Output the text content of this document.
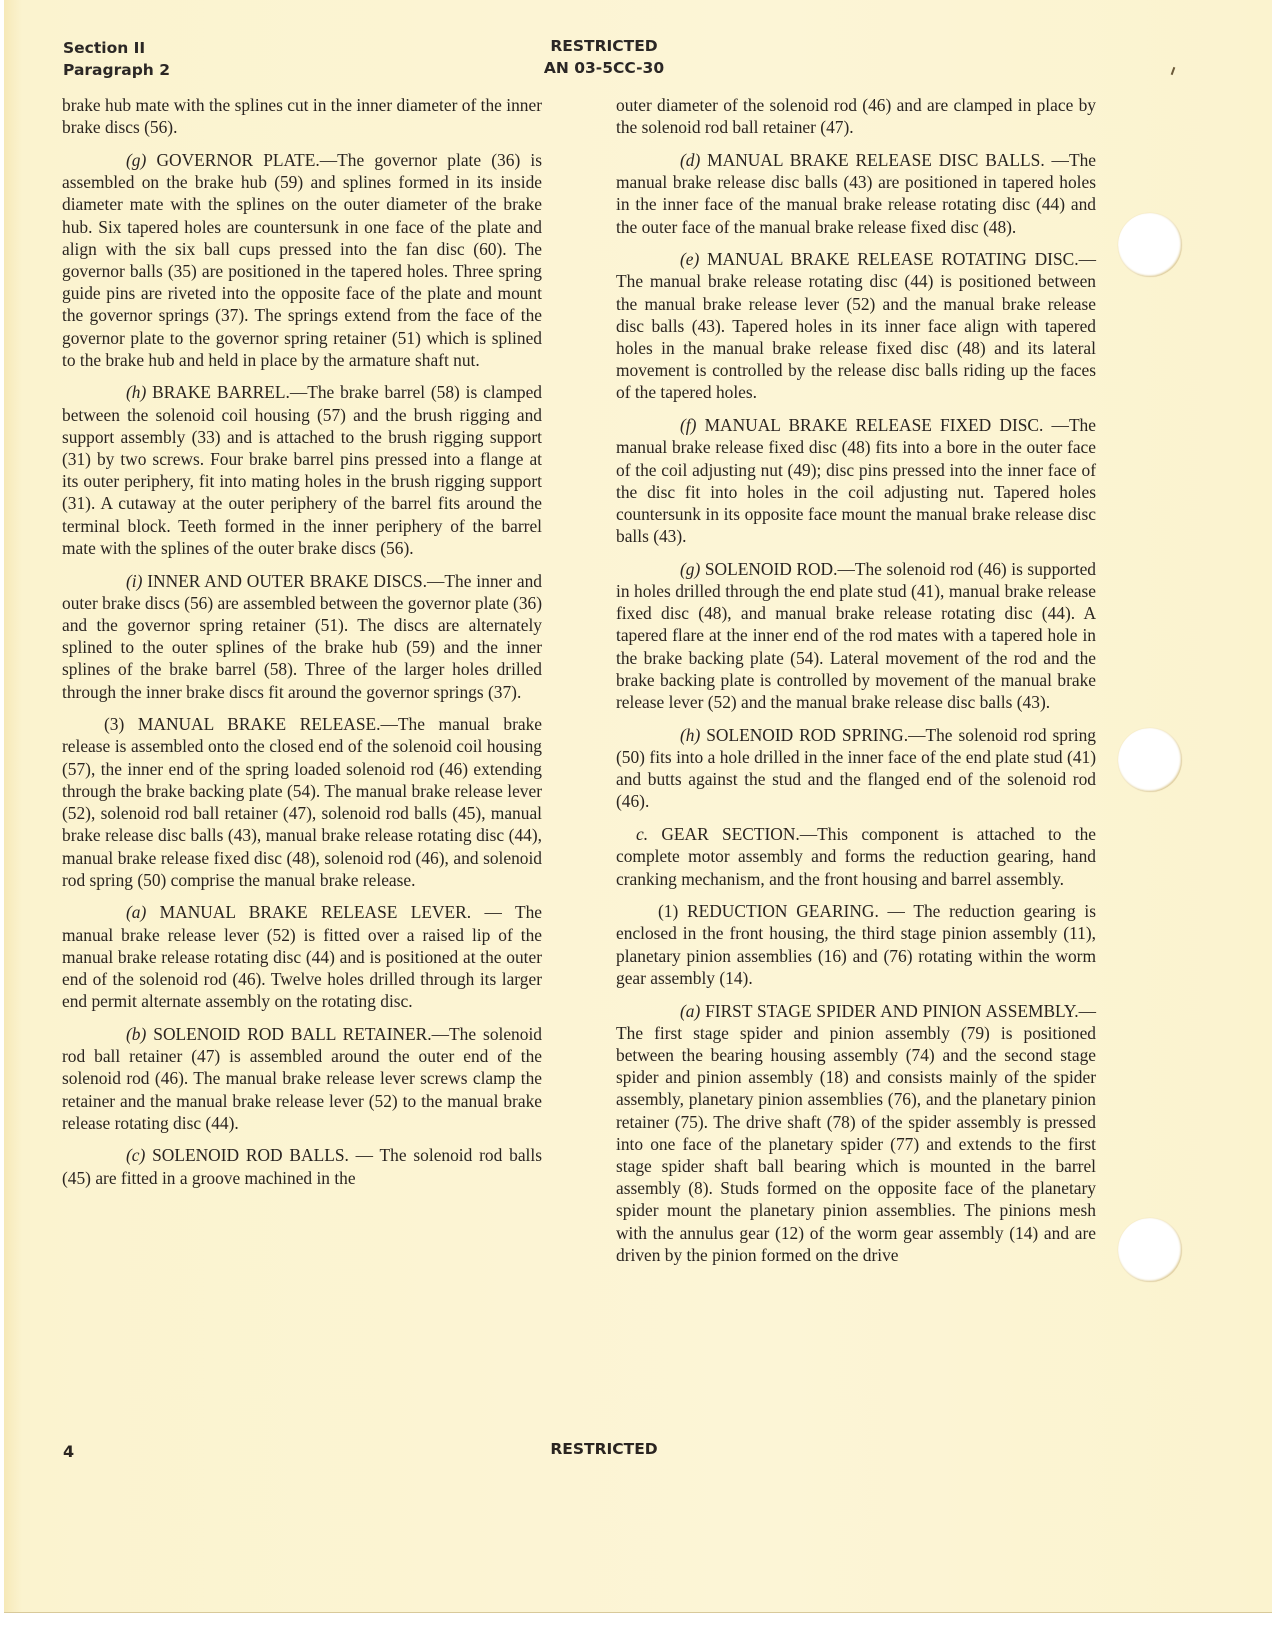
Section II
Paragraph 2
RESTRICTED
AN 03-5CC-30

brake hub mate with the splines cut in the inner diameter of the inner brake discs (56).

(g) GOVERNOR PLATE.—The governor plate (36) is assembled on the brake hub (59) and splines formed in its inside diameter mate with the splines on the outer diameter of the brake hub. Six tapered holes are countersunk in one face of the plate and align with the six ball cups pressed into the fan disc (60). The governor balls (35) are positioned in the tapered holes. Three spring guide pins are riveted into the opposite face of the plate and mount the governor springs (37). The springs extend from the face of the governor plate to the governor spring retainer (51) which is splined to the brake hub and held in place by the armature shaft nut.

(h) BRAKE BARREL.—The brake barrel (58) is clamped between the solenoid coil housing (57) and the brush rigging and support assembly (33) and is attached to the brush rigging support (31) by two screws. Four brake barrel pins pressed into a flange at its outer periphery, fit into mating holes in the brush rigging support (31). A cutaway at the outer periphery of the barrel fits around the terminal block. Teeth formed in the inner periphery of the barrel mate with the splines of the outer brake discs (56).

(i) INNER AND OUTER BRAKE DISCS.—The inner and outer brake discs (56) are assembled between the governor plate (36) and the governor spring retainer (51). The discs are alternately splined to the outer splines of the brake hub (59) and the inner splines of the brake barrel (58). Three of the larger holes drilled through the inner brake discs fit around the governor springs (37).

(3) MANUAL BRAKE RELEASE.—The manual brake release is assembled onto the closed end of the solenoid coil housing (57), the inner end of the spring loaded solenoid rod (46) extending through the brake backing plate (54). The manual brake release lever (52), solenoid rod ball retainer (47), solenoid rod balls (45), manual brake release disc balls (43), manual brake release rotating disc (44), manual brake release fixed disc (48), solenoid rod (46), and solenoid rod spring (50) comprise the manual brake release.

(a) MANUAL BRAKE RELEASE LEVER. — The manual brake release lever (52) is fitted over a raised lip of the manual brake release rotating disc (44) and is positioned at the outer end of the solenoid rod (46). Twelve holes drilled through its larger end permit alternate assembly on the rotating disc.

(b) SOLENOID ROD BALL RETAINER.—The solenoid rod ball retainer (47) is assembled around the outer end of the solenoid rod (46). The manual brake release lever screws clamp the retainer and the manual brake release lever (52) to the manual brake release rotating disc (44).

(c) SOLENOID ROD BALLS. — The solenoid rod balls (45) are fitted in a groove machined in the

outer diameter of the solenoid rod (46) and are clamped in place by the solenoid rod ball retainer (47).

(d) MANUAL BRAKE RELEASE DISC BALLS. —The manual brake release disc balls (43) are positioned in tapered holes in the inner face of the manual brake release rotating disc (44) and the outer face of the manual brake release fixed disc (48).

(e) MANUAL BRAKE RELEASE ROTATING DISC.—The manual brake release rotating disc (44) is positioned between the manual brake release lever (52) and the manual brake release disc balls (43). Tapered holes in its inner face align with tapered holes in the manual brake release fixed disc (48) and its lateral movement is controlled by the release disc balls riding up the faces of the tapered holes.

(f) MANUAL BRAKE RELEASE FIXED DISC. —The manual brake release fixed disc (48) fits into a bore in the outer face of the coil adjusting nut (49); disc pins pressed into the inner face of the disc fit into holes in the coil adjusting nut. Tapered holes countersunk in its opposite face mount the manual brake release disc balls (43).

(g) SOLENOID ROD.—The solenoid rod (46) is supported in holes drilled through the end plate stud (41), manual brake release fixed disc (48), and manual brake release rotating disc (44). A tapered flare at the inner end of the rod mates with a tapered hole in the brake backing plate (54). Lateral movement of the rod and the brake backing plate is controlled by movement of the manual brake release lever (52) and the manual brake release disc balls (43).

(h) SOLENOID ROD SPRING.—The solenoid rod spring (50) fits into a hole drilled in the inner face of the end plate stud (41) and butts against the stud and the flanged end of the solenoid rod (46).

c. GEAR SECTION.—This component is attached to the complete motor assembly and forms the reduction gearing, hand cranking mechanism, and the front housing and barrel assembly.

(1) REDUCTION GEARING. — The reduction gearing is enclosed in the front housing, the third stage pinion assembly (11), planetary pinion assemblies (16) and (76) rotating within the worm gear assembly (14).

(a) FIRST STAGE SPIDER AND PINION ASSEMBLY.—The first stage spider and pinion assembly (79) is positioned between the bearing housing assembly (74) and the second stage spider and pinion assembly (18) and consists mainly of the spider assembly, planetary pinion assemblies (76), and the planetary pinion retainer (75). The drive shaft (78) of the spider assembly is pressed into one face of the planetary spider (77) and extends to the first stage spider shaft ball bearing which is mounted in the barrel assembly (8). Studs formed on the opposite face of the planetary spider mount the planetary pinion assemblies. The pinions mesh with the annulus gear (12) of the worm gear assembly (14) and are driven by the pinion formed on the drive

4	RESTRICTED
